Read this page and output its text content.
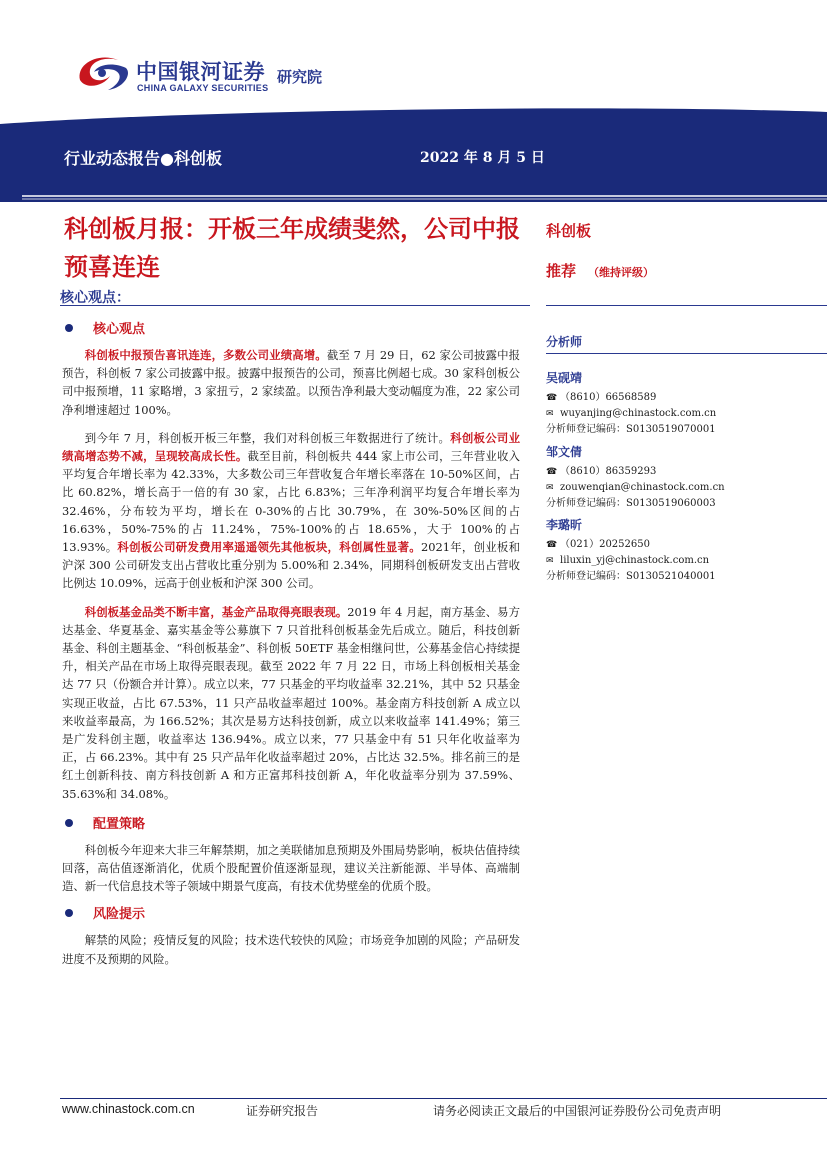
中国银河证券
CHINA GALAXY SECURITIES
研究院
行业动态报告●科创板	2022 年 8 月 5 日
科创板月报：开板三年成绩斐然，公司中报预喜连连
核心观点：
核心观点

科创板中报预告喜讯连连，多数公司业绩高增。截至 7 月 29 日，62 家公司披露中报预告，科创板 7 家公司披露中报。披露中报预告的公司，预喜比例超七成。30 家科创板公司中报预增，11 家略增，3 家扭亏，2 家续盈。以预告净利最大变动幅度为准，22 家公司净利增速超过 100%。

到今年 7 月，科创板开板三年整，我们对科创板三年数据进行了统计。科创板公司业绩高增态势不减，呈现较高成长性。截至目前，科创板共 444 家上市公司，三年营业收入平均复合年增长率为 42.33%，大多数公司三年营收复合年增长率落在 10-50%区间，占比 60.82%，增长高于一倍的有 30 家，占比 6.83%；三年净利润平均复合年增长率为 32.46%，分布较为平均，增长在 0-30%的占比 30.79%，在 30%-50%区间的占 16.63%，50%-75%的占 11.24%，75%-100%的占 18.65%，大于 100%的占 13.93%。科创板公司研发费用率遥遥领先其他板块，科创属性显著。2021年，创业板和沪深 300 公司研发支出占营收比重分别为 5.00%和 2.34%，同期科创板研发支出占营收比例达 10.09%，远高于创业板和沪深 300 公司。

科创板基金品类不断丰富，基金产品取得亮眼表现。2019 年 4 月起，南方基金、易方达基金、华夏基金、嘉实基金等公募旗下 7 只首批科创板基金先后成立。随后，科技创新基金、科创主题基金、“科创板基金”、科创板 50ETF 基金相继问世，公募基金信心持续提升，相关产品在市场上取得亮眼表现。截至 2022 年 7 月 22 日，市场上科创板相关基金达 77 只（份额合并计算）。成立以来，77 只基金的平均收益率 32.21%，其中 52 只基金实现正收益，占比 67.53%，11 只产品收益率超过 100%。基金南方科技创新 A 成立以来收益率最高，为 166.52%；其次是易方达科技创新，成立以来收益率 141.49%；第三是广发科创主题，收益率达 136.94%。成立以来，77 只基金中有 51 只年化收益率为正，占 66.23%。其中有 25 只产品年化收益率超过 20%，占比达 32.5%。排名前三的是红土创新科技、南方科技创新 A 和方正富邦科技创新 A，年化收益率分别为 37.59%、35.63%和 34.08%。

配置策略

科创板今年迎来大非三年解禁期，加之美联储加息预期及外围局势影响，板块估值持续回落，高估值逐渐消化，优质个股配置价值逐渐显现，建议关注新能源、半导体、高端制造、新一代信息技术等子领域中期景气度高，有技术优势壁垒的优质个股。

风险提示

解禁的风险；疫情反复的风险；技术迭代较快的风险；市场竞争加剧的风险；产品研发进度不及预期的风险。

科创板
推荐 （维持评级）
分析师
吴砚靖
☎ （8610）66568589
✉ wuyanjing@chinastock.com.cn
分析师登记编码：S0130519070001
邹文倩
☎ （8610）86359293
✉ zouwenqian@chinastock.com.cn
分析师登记编码：S0130519060003
李璐昕
☎ （021）20252650
✉ liluxin_yj@chinastock.com.cn
分析师登记编码：S0130521040001
www.chinastock.com.cn	证券研究报告	请务必阅读正文最后的中国银河证券股份公司免责声明
